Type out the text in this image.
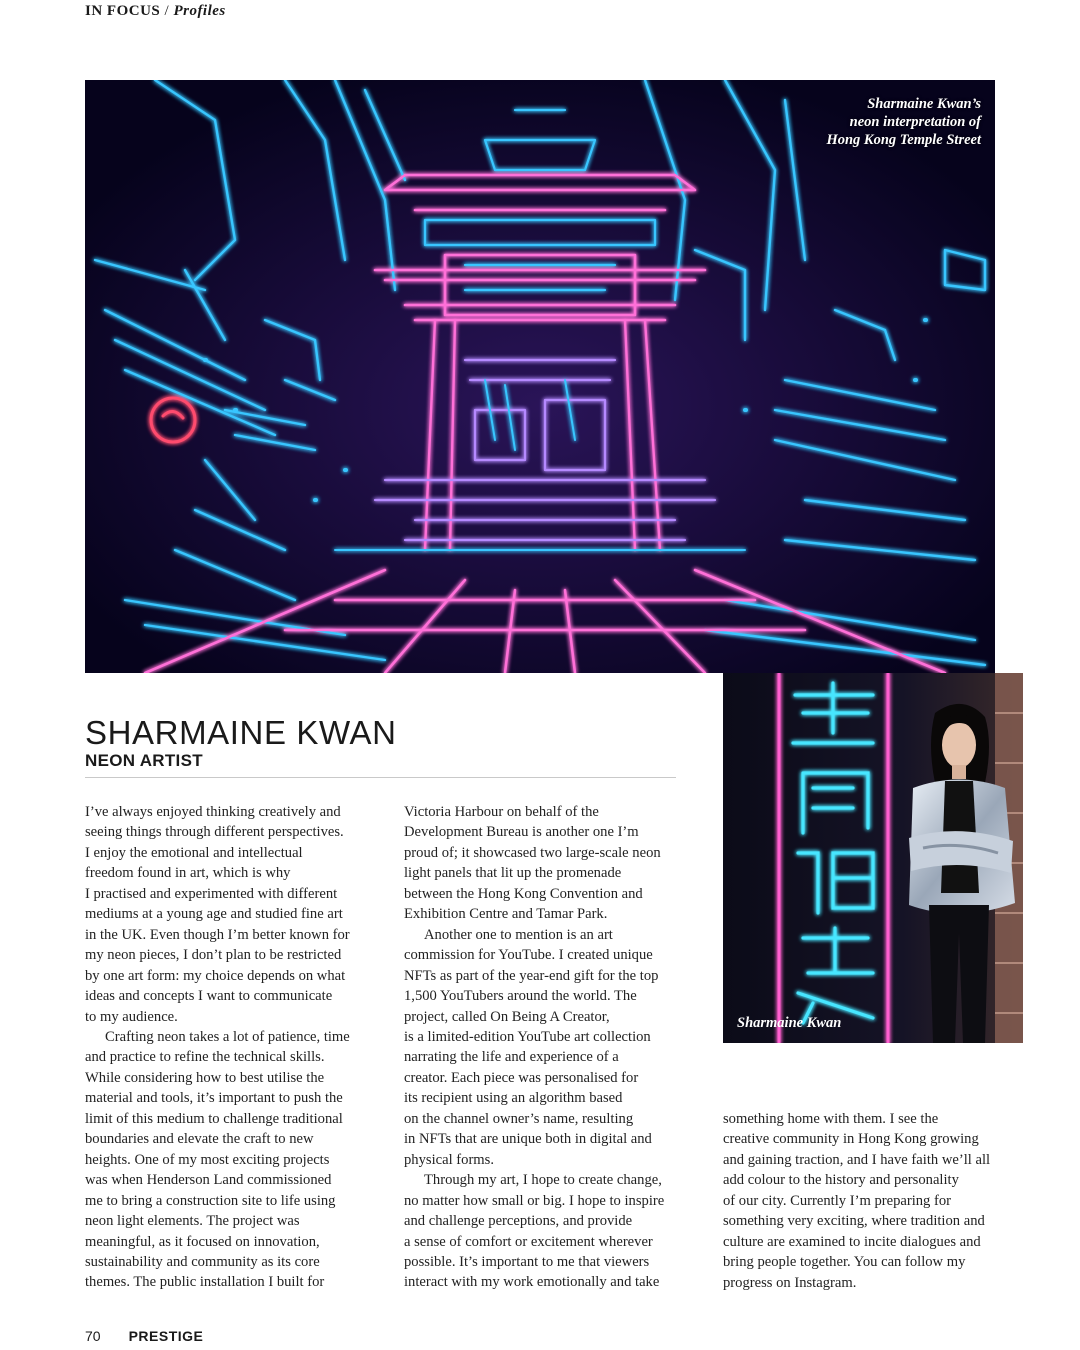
IN FOCUS / Profiles
Sharmaine Kwan’s
neon interpretation of
Hong Kong Temple Street
Sharmaine Kwan
SHARMAINE KWAN
NEON ARTIST

I’ve always enjoyed thinking creatively and
seeing things through different perspectives.
I enjoy the emotional and intellectual
freedom found in art, which is why
I practised and experimented with different
mediums at a young age and studied fine art
in the UK. Even though I’m better known for
my neon pieces, I don’t plan to be restricted
by one art form: my choice depends on what
ideas and concepts I want to communicate
to my audience.

Crafting neon takes a lot of patience, time
and practice to refine the technical skills.
While considering how to best utilise the
material and tools, it’s important to push the
limit of this medium to challenge traditional
boundaries and elevate the craft to new
heights. One of my most exciting projects
was when Henderson Land commissioned
me to bring a construction site to life using
neon light elements. The project was
meaningful, as it focused on innovation,
sustainability and community as its core
themes. The public installation I built for

Victoria Harbour on behalf of the
Development Bureau is another one I’m
proud of; it showcased two large-scale neon
light panels that lit up the promenade
between the Hong Kong Convention and
Exhibition Centre and Tamar Park.

Another one to mention is an art
commission for YouTube. I created unique
NFTs as part of the year-end gift for the top
1,500 YouTubers around the world. The
project, called On Being A Creator,
is a limited-edition YouTube art collection
narrating the life and experience of a
creator. Each piece was personalised for
its recipient using an algorithm based
on the channel owner’s name, resulting
in NFTs that are unique both in digital and
physical forms.

Through my art, I hope to create change,
no matter how small or big. I hope to inspire
and challenge perceptions, and provide
a sense of comfort or excitement wherever
possible. It’s important to me that viewers
interact with my work emotionally and take

something home with them. I see the
creative community in Hong Kong growing
and gaining traction, and I have faith we’ll all
add colour to the history and personality
of our city. Currently I’m preparing for
something very exciting, where tradition and
culture are examined to incite dialogues and
bring people together. You can follow my
progress on Instagram.

70 PRESTIGE
